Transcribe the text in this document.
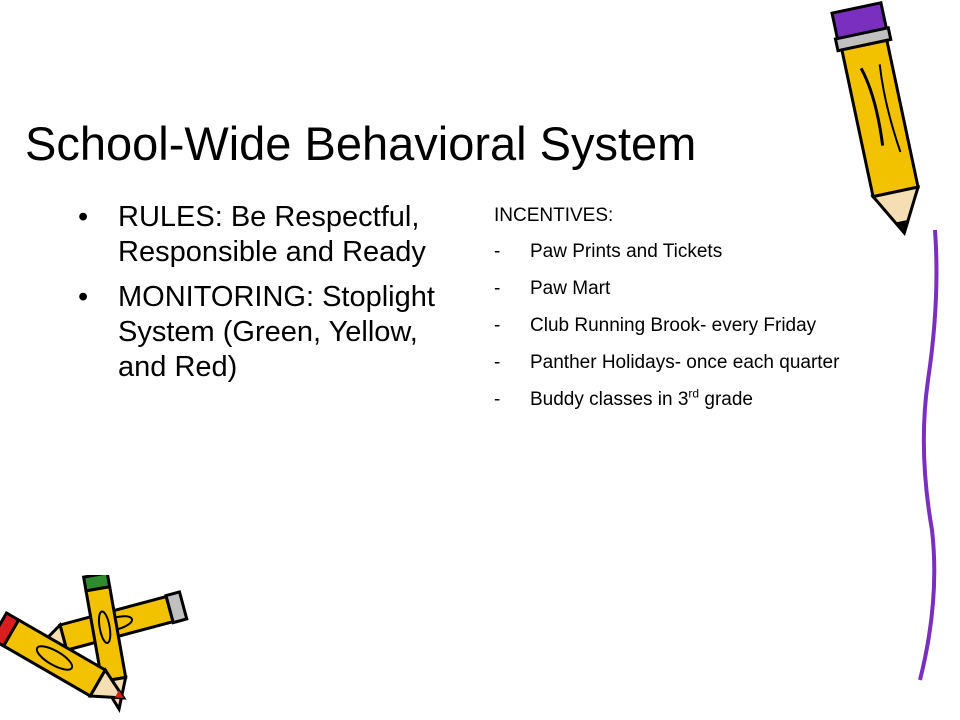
School-Wide Behavioral System
• RULES: Be Respectful, Responsible and Ready
• MONITORING: Stoplight System (Green, Yellow, and Red)
INCENTIVES:
- Paw Prints and Tickets
- Paw Mart
- Club Running Brook- every Friday
- Panther Holidays- once each quarter
- Buddy classes in 3rd grade
